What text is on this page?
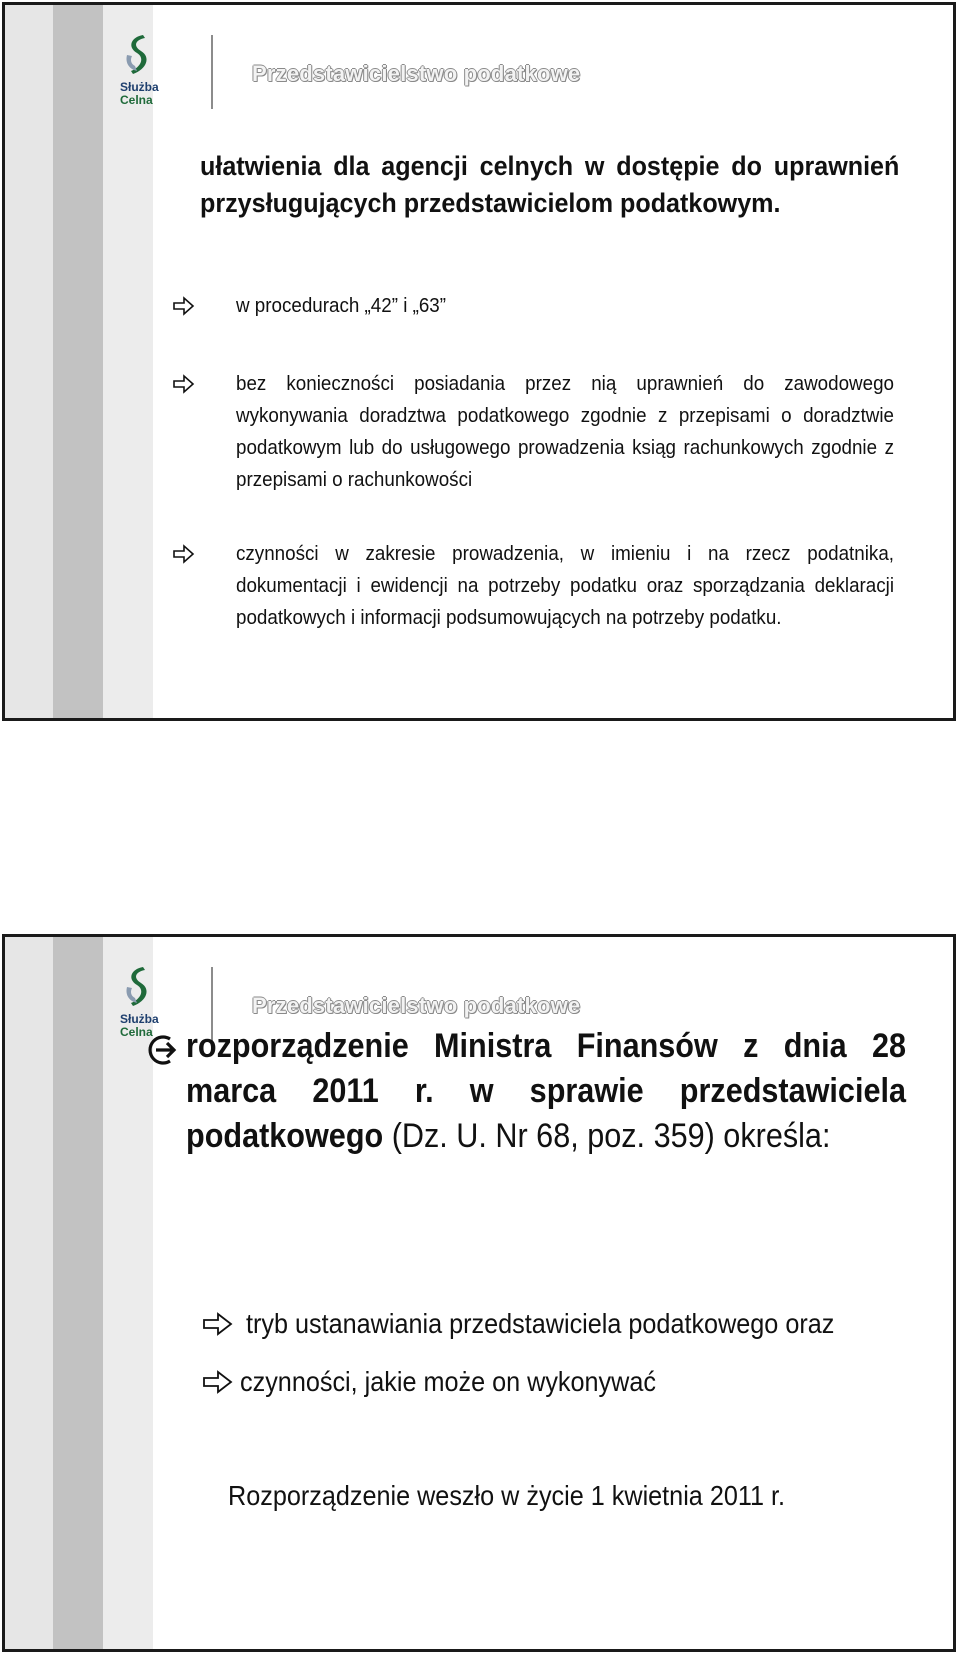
Służba
Celna
Przedstawicielstwo podatkowe
ułatwienia dla agencji celnych w dostępie do uprawnień przysługujących przedstawicielom podatkowym.
w procedurach „42” i „63”
bez konieczności posiadania przez nią uprawnień do zawodowego wykonywania doradztwa podatkowego zgodnie z przepisami o doradztwie podatkowym lub do usługowego prowadzenia ksiąg rachunkowych zgodnie z przepisami o rachunkowości
czynności w zakresie prowadzenia, w imieniu i na rzecz podatnika, dokumentacji i ewidencji na potrzeby podatku oraz sporządzania deklaracji podatkowych i informacji podsumowujących na potrzeby podatku.
Służba
Celna
Przedstawicielstwo podatkowe
rozporządzenie Ministra Finansów z dnia 28 marca 2011 r. w sprawie przedstawiciela podatkowego (Dz. U. Nr 68, poz. 359) określa:
tryb ustanawiania przedstawiciela podatkowego oraz
czynności, jakie może on wykonywać
Rozporządzenie weszło w życie 1 kwietnia 2011 r.
